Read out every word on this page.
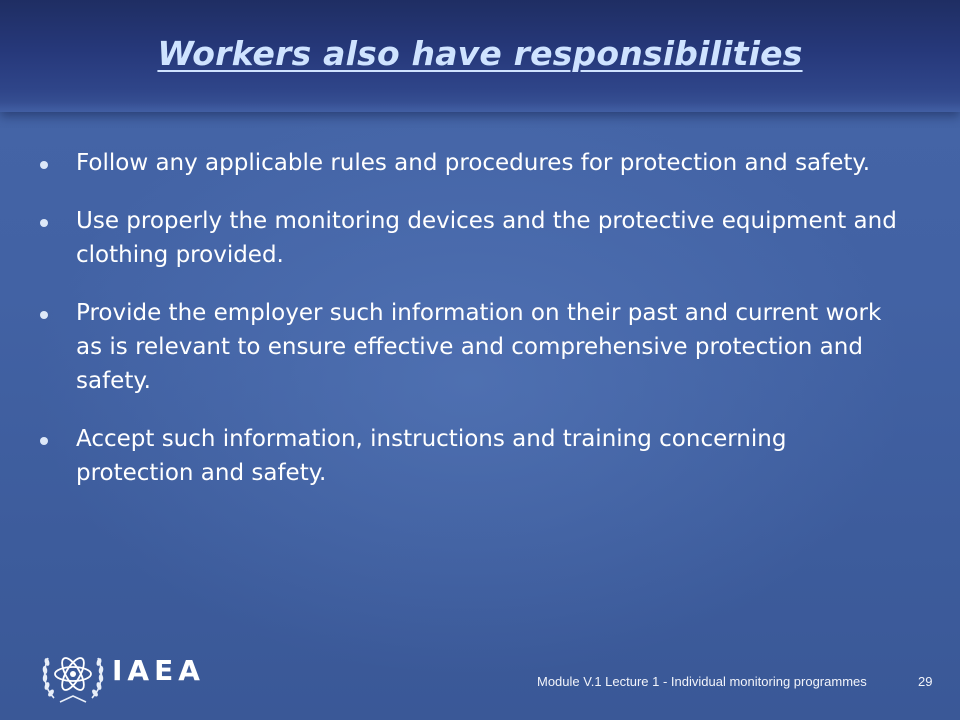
Workers also have responsibilities
Follow any applicable rules and procedures for protection and safety.
Use properly the monitoring devices and the protective equipment and clothing provided.
Provide the employer such information on their past and current work as is relevant to ensure effective and comprehensive protection and safety.
Accept such information, instructions and training concerning protection and safety.
IAEA	Module V.1 Lecture 1 - Individual monitoring programmes	29
